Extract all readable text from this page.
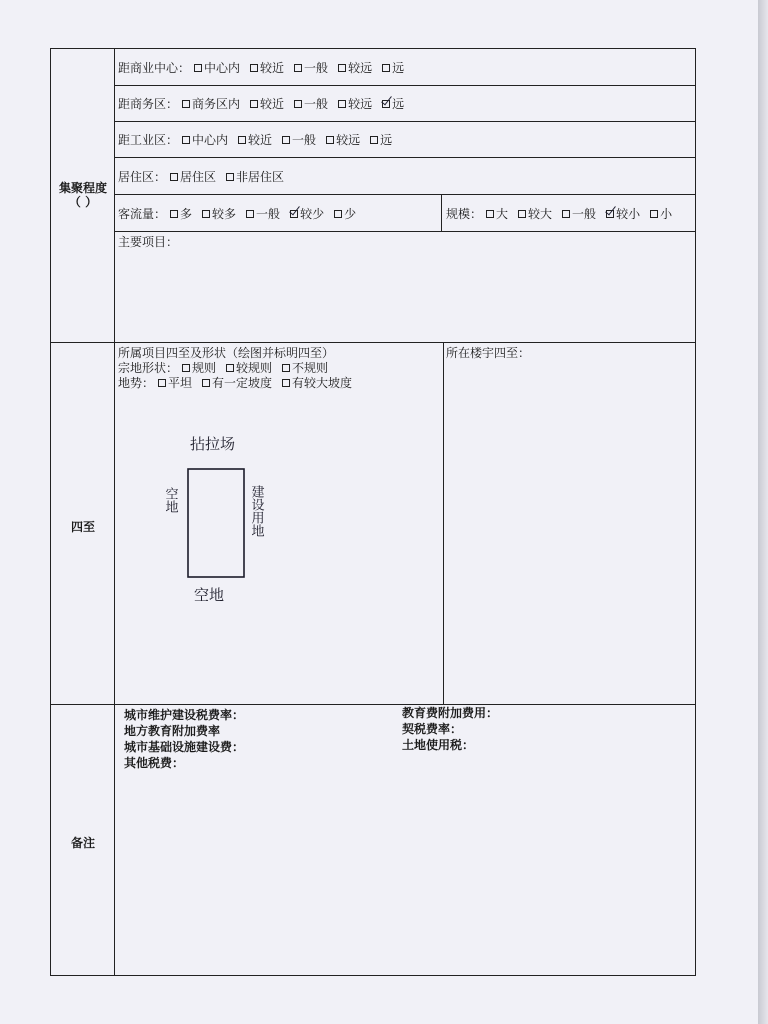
集聚程度
（ ）
距商业中心： 中心内 较近 一般 较远 远
距商务区： 商务区内 较近 一般 较远 远
距工业区： 中心内 较近 一般 较远 远
居住区： 居住区 非居住区
客流量： 多 较多 一般 较少 少	规模： 大 较大 一般 较小 小
主要项目：
四至
所属项目四至及形状（绘图并标明四至）
宗地形状： 规则 较规则 不规则
地势： 平坦 有一定坡度 有较大坡度
所在楼宇四至：
拈拉场
空地	建设用地
空地
备注
城市维护建设税费率：
地方教育附加费率
城市基础设施建设费：
其他税费：
教育费附加费用：
契税费率：
土地使用税：
